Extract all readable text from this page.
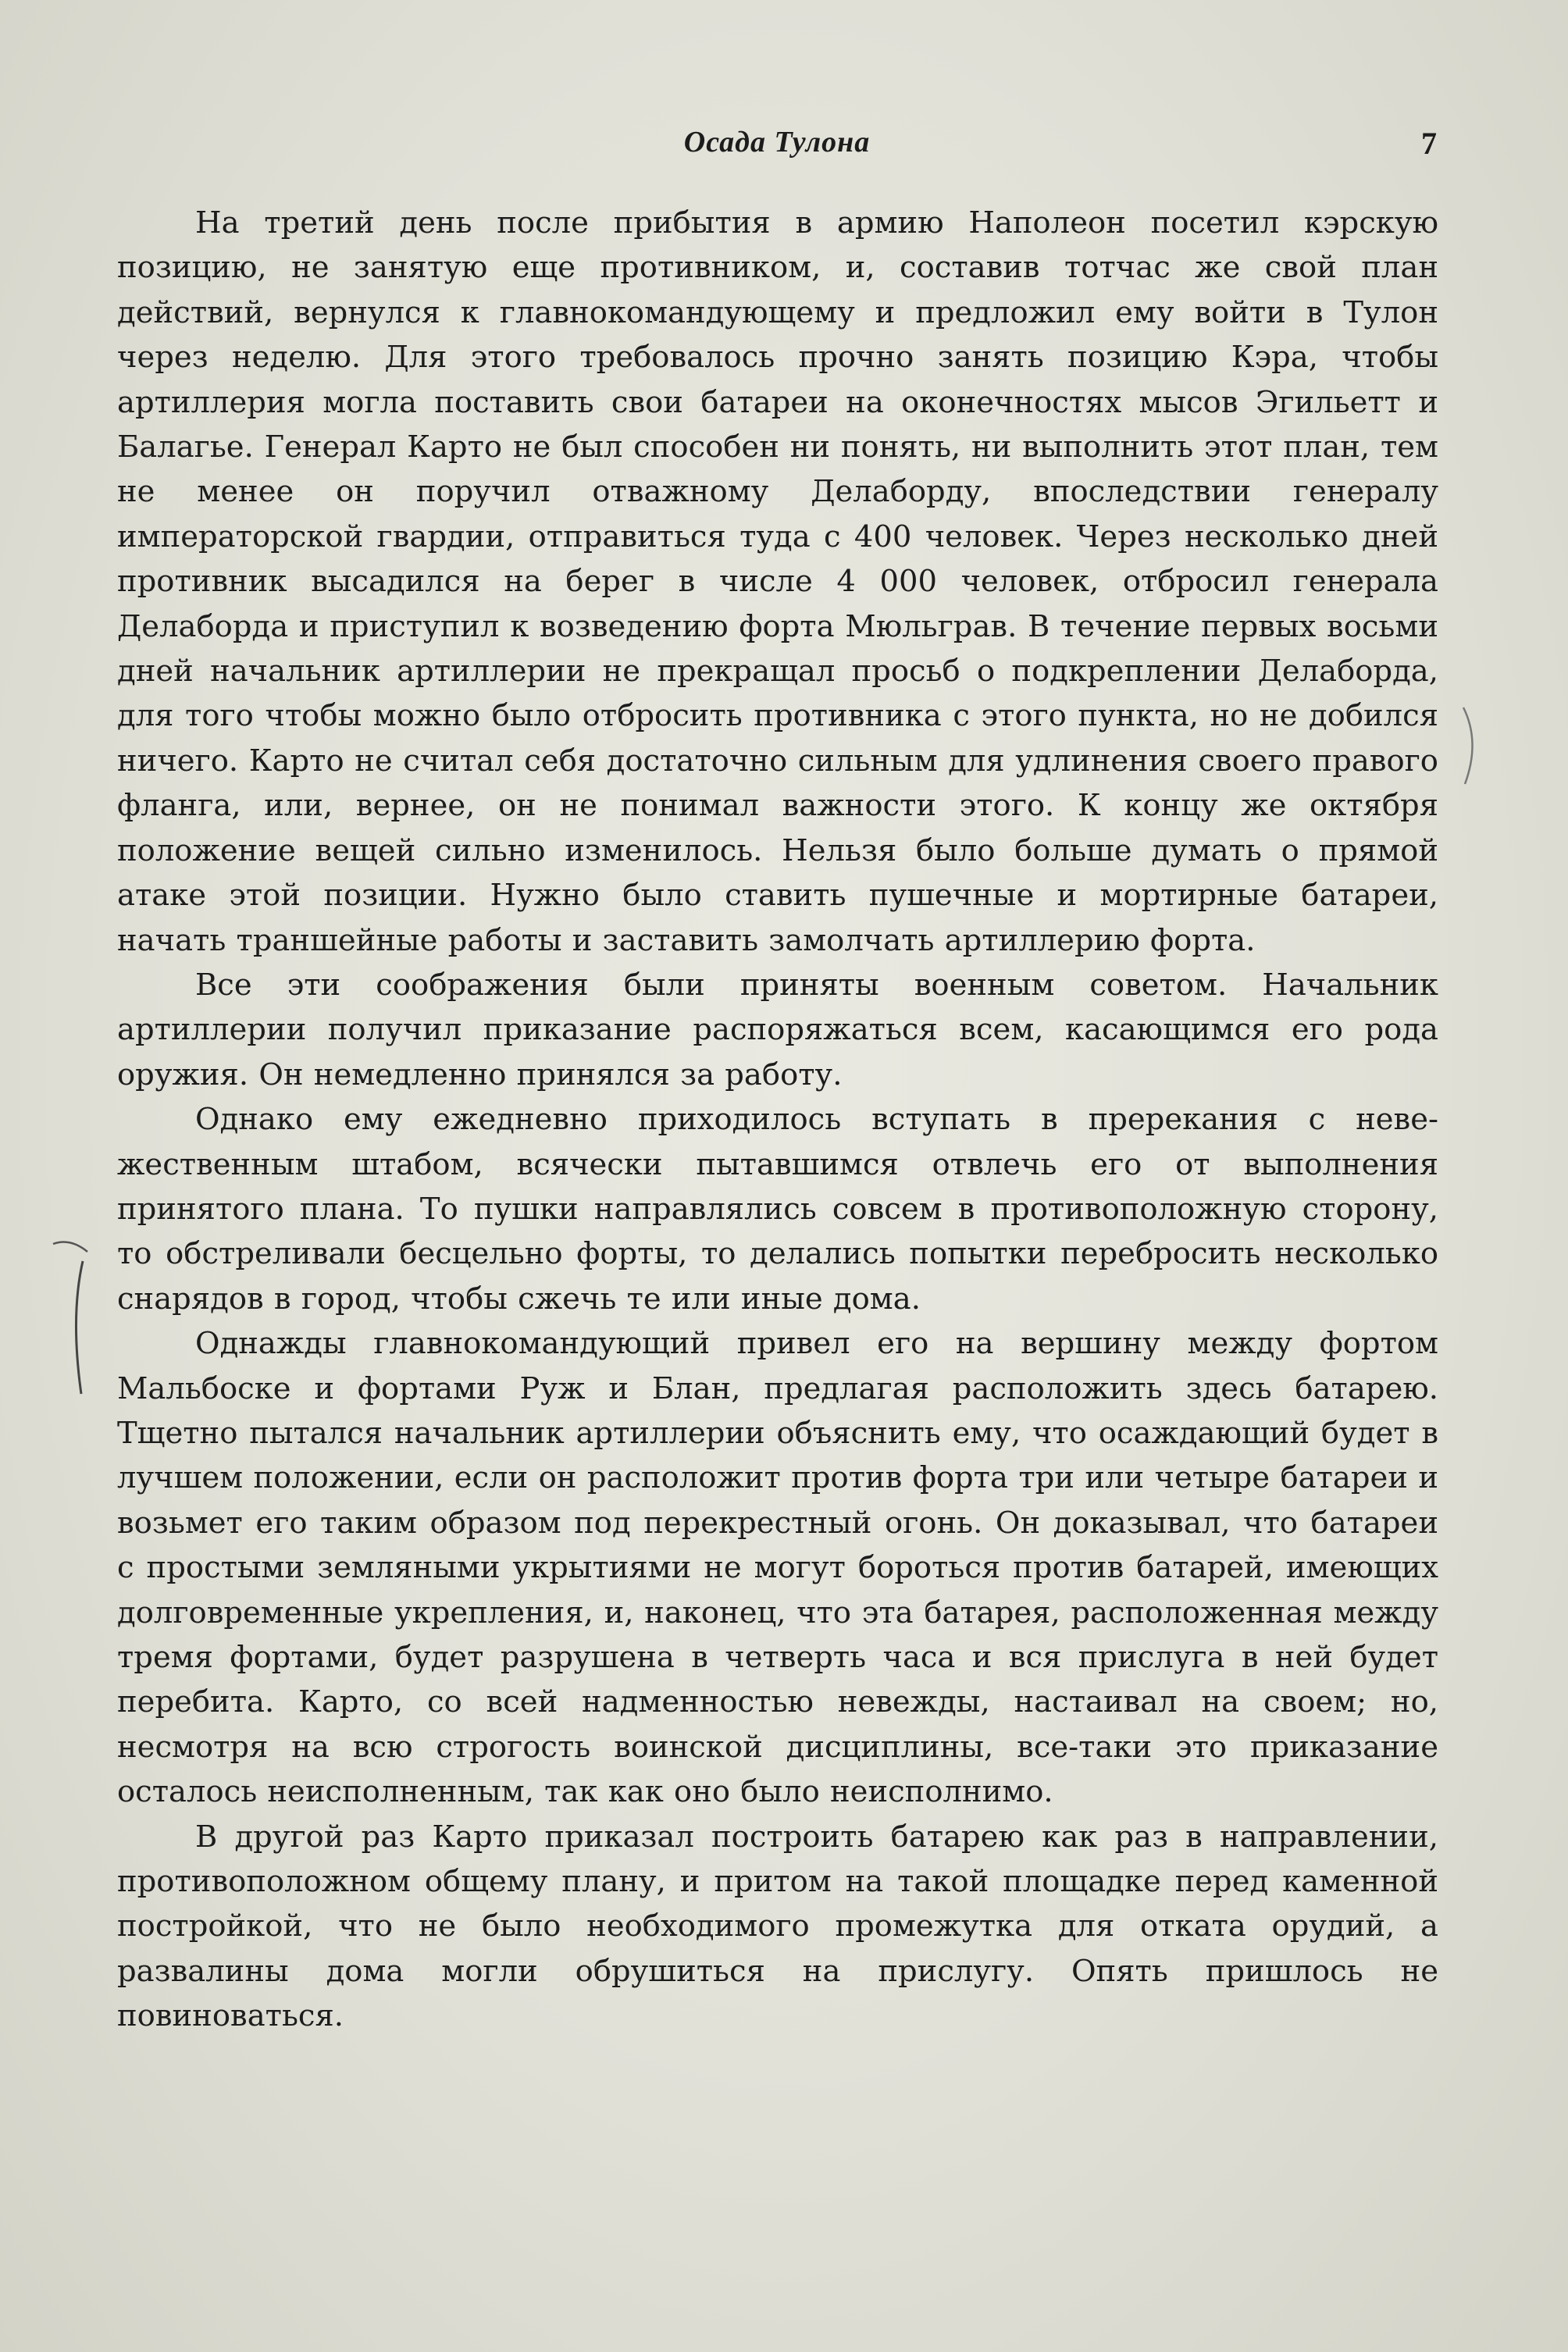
Осада Тулона	7

На третий день после прибытия в армию Наполеон посетил кэрскую позицию, не занятую еще противником, и, составив тотчас же свой план действий, вернулся к главнокомандующему и предложил ему войти в Тулон через неделю. Для этого требовалось прочно занять позицию Кэра, чтобы артиллерия могла поставить свои батареи на оконечностях мысов Эгильетт и Балагье. Генерал Карто не был способен ни понять, ни выполнить этот план, тем не менее он поручил отважному Делаборду, впоследствии генералу императорской гвардии, отправиться туда с 400 человек. Через несколько дней противник высадился на берег в числе 4 000 человек, отбросил генерала Делаборда и приступил к возведению форта Мюльграв. В течение первых восьми дней начальник артиллерии не прекращал просьб о подкреплении Делаборда, для того чтобы можно было отбросить противника с этого пункта, но не добился ничего. Карто не считал себя достаточно сильным для удлинения своего правого фланга, или, вернее, он не понимал важности этого. К концу же октября положение вещей сильно изменилось. Нельзя было больше думать о прямой атаке этой позиции. Нужно было ставить пушечные и мортирные батареи, начать траншейные работы и заставить замолчать артиллерию форта.

Все эти соображения были приняты военным советом. Начальник артиллерии получил приказание распоряжаться всем, касающимся его рода оружия. Он немедленно принялся за работу.

Однако ему ежедневно приходилось вступать в пререкания с невежественным штабом, всячески пытавшимся отвлечь его от выполнения принятого плана. То пушки направлялись совсем в противоположную сторону, то обстреливали бесцельно форты, то делались попытки перебросить несколько снарядов в город, чтобы сжечь те или иные дома.

Однажды главнокомандующий привел его на вершину между фортом Мальбоске и фортами Руж и Блан, предлагая расположить здесь батарею. Тщетно пытался начальник артиллерии объяснить ему, что осаждающий будет в лучшем положении, если он расположит против форта три или четыре батареи и возьмет его таким образом под перекрестный огонь. Он доказывал, что батареи с простыми земляными укрытиями не могут бороться против батарей, имеющих долговременные укрепления, и, наконец, что эта батарея, расположенная между тремя фортами, будет разрушена в четверть часа и вся прислуга в ней будет перебита. Карто, со всей надменностью невежды, настаивал на своем; но, несмотря на всю строгость воинской дисциплины, все-таки это приказание осталось неисполненным, так как оно было неисполнимо.

В другой раз Карто приказал построить батарею как раз в направлении, противоположном общему плану, и притом на такой площадке перед каменной постройкой, что не было необходимого промежутка для отката орудий, а развалины дома могли обрушиться на прислугу. Опять пришлось не повиноваться.
